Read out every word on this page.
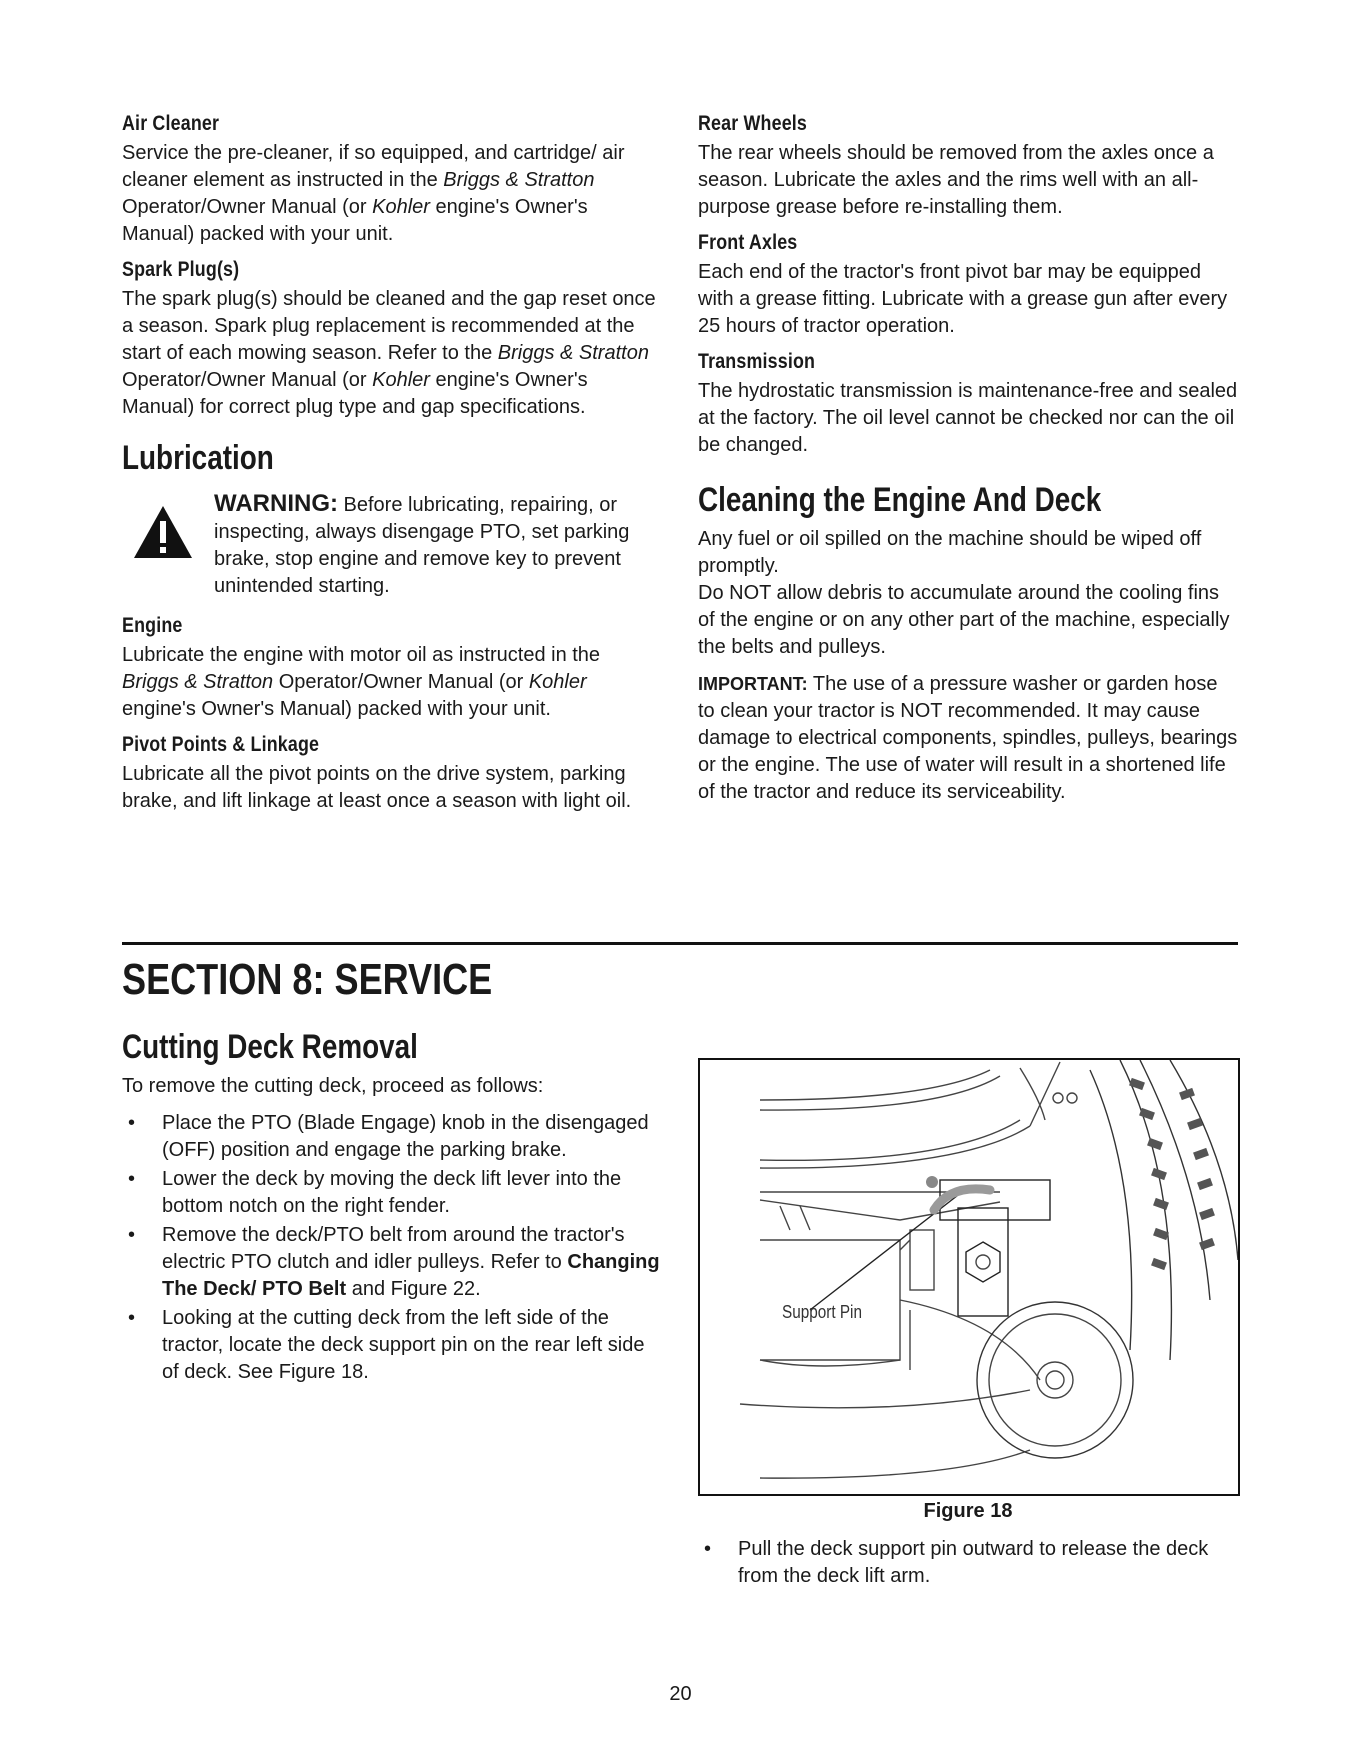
Air Cleaner
Service the pre-cleaner, if so equipped, and cartridge/ air cleaner element as instructed in the Briggs & Stratton Operator/Owner Manual (or Kohler engine's Owner's Manual) packed with your unit.
Spark Plug(s)
The spark plug(s) should be cleaned and the gap reset once a season. Spark plug replacement is recommended at the start of each mowing season. Refer to the Briggs & Stratton Operator/Owner Manual (or Kohler engine's Owner's Manual) for correct plug type and gap specifications.
Lubrication
WARNING: Before lubricating, repairing, or inspecting, always disengage PTO, set parking brake, stop engine and remove key to prevent unintended starting.
Engine
Lubricate the engine with motor oil as instructed in the Briggs & Stratton Operator/Owner Manual (or Kohler engine's Owner's Manual) packed with your unit.
Pivot Points & Linkage
Lubricate all the pivot points on the drive system, parking brake, and lift linkage at least once a season with light oil.
Rear Wheels
The rear wheels should be removed from the axles once a season. Lubricate the axles and the rims well with an all-purpose grease before re-installing them.
Front Axles
Each end of the tractor's front pivot bar may be equipped with a grease fitting. Lubricate with a grease gun after every 25 hours of tractor operation.
Transmission
The hydrostatic transmission is maintenance-free and sealed at the factory. The oil level cannot be checked nor can the oil be changed.
Cleaning the Engine And Deck
Any fuel or oil spilled on the machine should be wiped off promptly.
Do NOT allow debris to accumulate around the cooling fins of the engine or on any other part of the machine, especially the belts and pulleys.
IMPORTANT: The use of a pressure washer or garden hose to clean your tractor is NOT recommended. It may cause damage to electrical components, spindles, pulleys, bearings or the engine. The use of water will result in a shortened life of the tractor and reduce its serviceability.
SECTION 8: SERVICE
Cutting Deck Removal
To remove the cutting deck, proceed as follows:
• Place the PTO (Blade Engage) knob in the disengaged (OFF) position and engage the parking brake.
• Lower the deck by moving the deck lift lever into the bottom notch on the right fender.
• Remove the deck/PTO belt from around the tractor's electric PTO clutch and idler pulleys. Refer to Changing The Deck/ PTO Belt and Figure 22.
• Looking at the cutting deck from the left side of the tractor, locate the deck support pin on the rear left side of deck. See Figure 18.
Support Pin
Figure 18
• Pull the deck support pin outward to release the deck from the deck lift arm.
20
